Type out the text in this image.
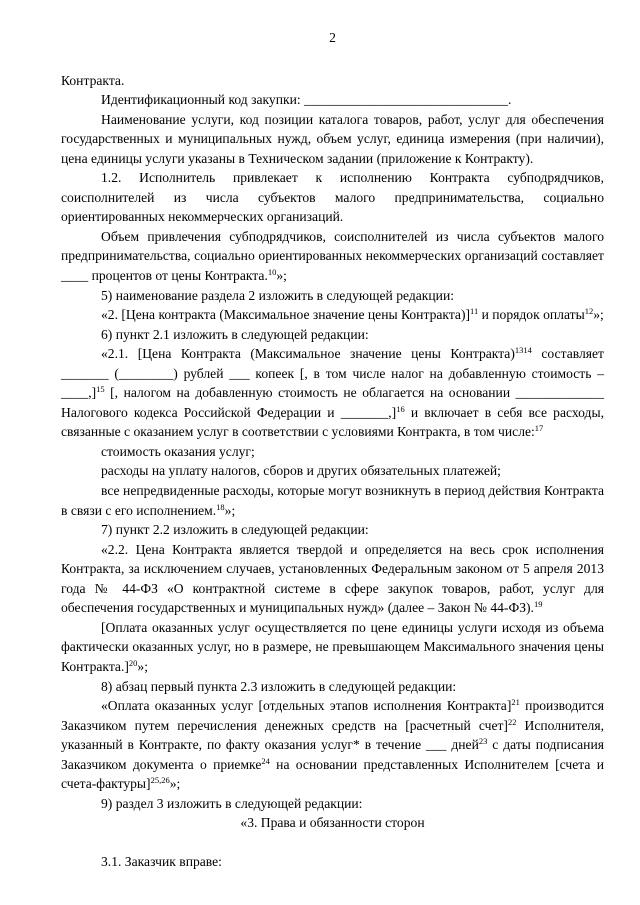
2

Контракта.

Идентификационный код закупки: ______________________________.

Наименование услуги, код позиции каталога товаров, работ, услуг для обеспечения государственных и муниципальных нужд, объем услуг, единица измерения (при наличии), цена единицы услуги указаны в Техническом задании (приложение к Контракту).

1.2. Исполнитель привлекает к исполнению Контракта субподрядчиков, соисполнителей из числа субъектов малого предпринимательства, социально ориентированных некоммерческих организаций.

Объем привлечения субподрядчиков, соисполнителей из числа субъектов малого предпринимательства, социально ориентированных некоммерческих организаций составляет ____ процентов от цены Контракта.$^{10}$»;

5) наименование раздела 2 изложить в следующей редакции:

«2. [Цена контракта (Максимальное значение цены Контракта)]$^{11}$ и порядок оплаты$^{12}$»;

6) пункт 2.1 изложить в следующей редакции:

«2.1. [Цена Контракта (Максимальное значение цены Контракта)$^{1314}$ составляет _______ (________) рублей ___ копеек [, в том числе налог на добавленную стоимость – ____,]$^{15}$ [, налогом на добавленную стоимость не облагается на основании _____________ Налогового кодекса Российской Федерации и _______,]$^{16}$ и включает в себя все расходы, связанные с оказанием услуг в соответствии с условиями Контракта, в том числе:$^{17}$

стоимость оказания услуг;

расходы на уплату налогов, сборов и других обязательных платежей;

все непредвиденные расходы, которые могут возникнуть в период действия Контракта в связи с его исполнением.$^{18}$»;

7) пункт 2.2 изложить в следующей редакции:

«2.2. Цена Контракта является твердой и определяется на весь срок исполнения Контракта, за исключением случаев, установленных Федеральным законом от 5 апреля 2013 года № 44-ФЗ «О контрактной системе в сфере закупок товаров, работ, услуг для обеспечения государственных и муниципальных нужд» (далее – Закон № 44-ФЗ).$^{19}$

[Оплата оказанных услуг осуществляется по цене единицы услуги исходя из объема фактически оказанных услуг, но в размере, не превышающем Максимального значения цены Контракта.]$^{20}$»;

8) абзац первый пункта 2.3 изложить в следующей редакции:

«Оплата оказанных услуг [отдельных этапов исполнения Контракта]$^{21}$ производится Заказчиком путем перечисления денежных средств на [расчетный счет]$^{22}$ Исполнителя, указанный в Контракте, по факту оказания услуг* в течение ___ дней$^{23}$ с даты подписания Заказчиком документа о приемке$^{24}$ на основании представленных Исполнителем [счета и счета-фактуры]$^{25,26}$»;

9) раздел 3 изложить в следующей редакции:

«3. Права и обязанности сторон

3.1. Заказчик вправе:
